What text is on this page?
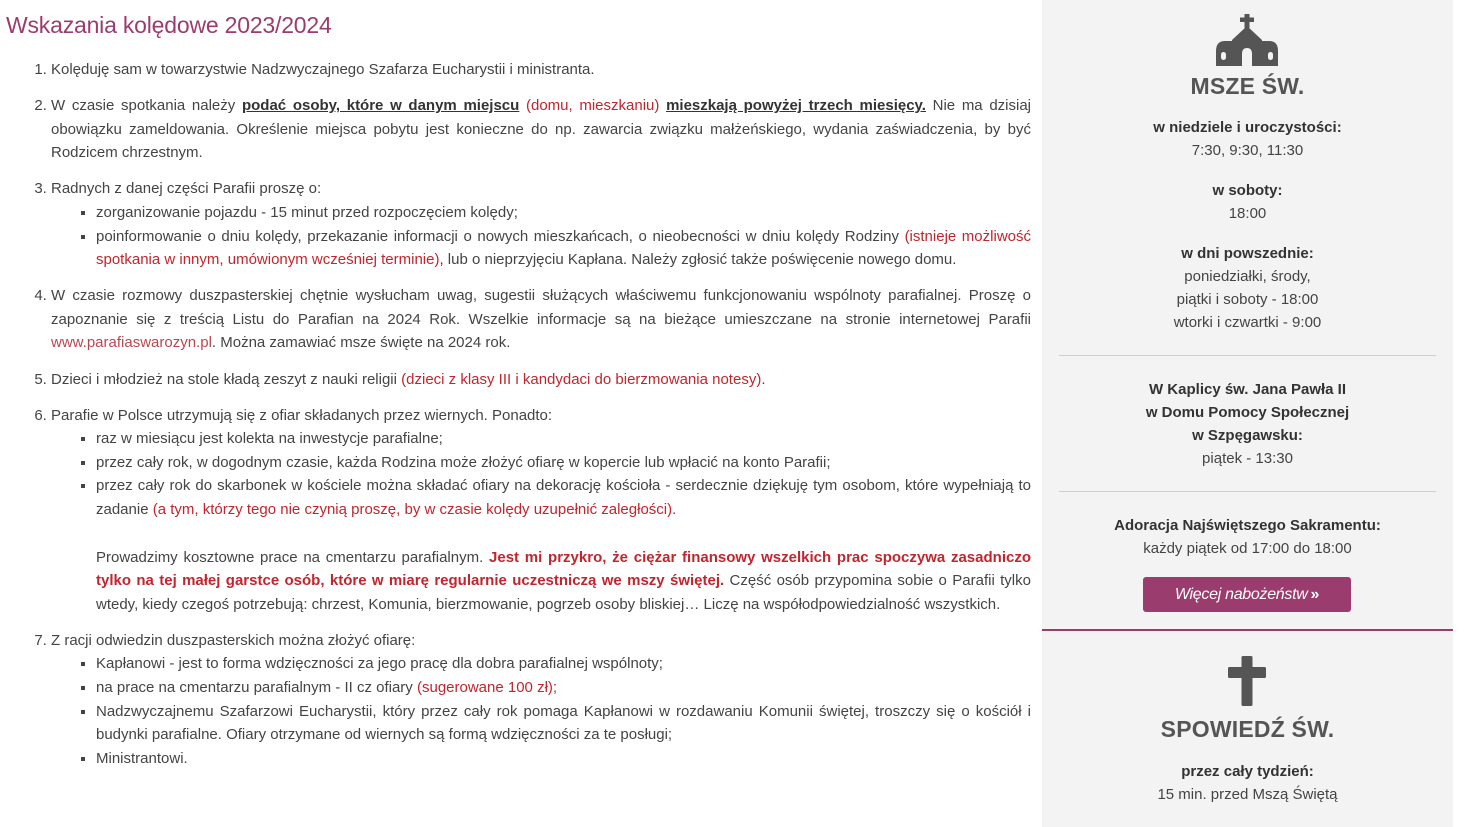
Wskazania kolędowe 2023/2024
1. Kolęduję sam w towarzystwie Nadzwyczajnego Szafarza Eucharystii i ministranta.
2. W czasie spotkania należy podać osoby, które w danym miejscu (domu, mieszkaniu) mieszkają powyżej trzech miesięcy. Nie ma dzisiaj obowiązku zameldowania. Określenie miejsca pobytu jest konieczne do np. zawarcia związku małżeńskiego, wydania zaświadczenia, by być Rodzicem chrzestnym.
3. Radnych z danej części Parafii proszę o:
▪ zorganizowanie pojazdu - 15 minut przed rozpoczęciem kolędy;
▪ poinformowanie o dniu kolędy, przekazanie informacji o nowych mieszkańcach, o nieobecności w dniu kolędy Rodziny (istnieje możliwość spotkania w innym, umówionym wcześniej terminie), lub o nieprzyjęciu Kapłana. Należy zgłosić także poświęcenie nowego domu.
4. W czasie rozmowy duszpasterskiej chętnie wysłucham uwag, sugestii służących właściwemu funkcjonowaniu wspólnoty parafialnej. Proszę o zapoznanie się z treścią Listu do Parafian na 2024 Rok. Wszelkie informacje są na bieżące umieszczane na stronie internetowej Parafii www.parafiaswarozyn.pl. Można zamawiać msze święte na 2024 rok.
5. Dzieci i młodzież na stole kładą zeszyt z nauki religii (dzieci z klasy III i kandydaci do bierzmowania notesy).
6. Parafie w Polsce utrzymują się z ofiar składanych przez wiernych. Ponadto:
▪ raz w miesiącu jest kolekta na inwestycje parafialne;
▪ przez cały rok, w dogodnym czasie, każda Rodzina może złożyć ofiarę w kopercie lub wpłacić na konto Parafii;
▪ przez cały rok do skarbonek w kościele można składać ofiary na dekorację kościoła - serdecznie dziękuję tym osobom, które wypełniają to zadanie (a tym, którzy tego nie czynią proszę, by w czasie kolędy uzupełnić zaległości).
Prowadzimy kosztowne prace na cmentarzu parafialnym. Jest mi przykro, że ciężar finansowy wszelkich prac spoczywa zasadniczo tylko na tej małej garstce osób, które w miarę regularnie uczestniczą we mszy świętej. Część osób przypomina sobie o Parafii tylko wtedy, kiedy czegoś potrzebują: chrzest, Komunia, bierzmowanie, pogrzeb osoby bliskiej… Liczę na współodpowiedzialność wszystkich.
7. Z racji odwiedzin duszpasterskich można złożyć ofiarę:
▪ Kapłanowi - jest to forma wdzięczności za jego pracę dla dobra parafialnej wspólnoty;
▪ na prace na cmentarzu parafialnym - II cz ofiary (sugerowane 100 zł);
▪ Nadzwyczajnemu Szafarzowi Eucharystii, który przez cały rok pomaga Kapłanowi w rozdawaniu Komunii świętej, troszczy się o kościół i budynki parafialne. Ofiary otrzymane od wiernych są formą wdzięczności za te posługi;
▪ Ministrantowi.
MSZE ŚW.
w niedziele i uroczystości:
7:30, 9:30, 11:30
w soboty:
18:00
w dni powszednie:
poniedziałki, środy,
piątki i soboty - 18:00
wtorki i czwartki - 9:00
W Kaplicy św. Jana Pawła II
w Domu Pomocy Społecznej
w Szpęgawsku:
piątek - 13:30
Adoracja Najświętszego Sakramentu:
każdy piątek od 17:00 do 18:00
Więcej nabożeństw »
SPOWIEDŹ ŚW.
przez cały tydzień:
15 min. przed Mszą Świętą
